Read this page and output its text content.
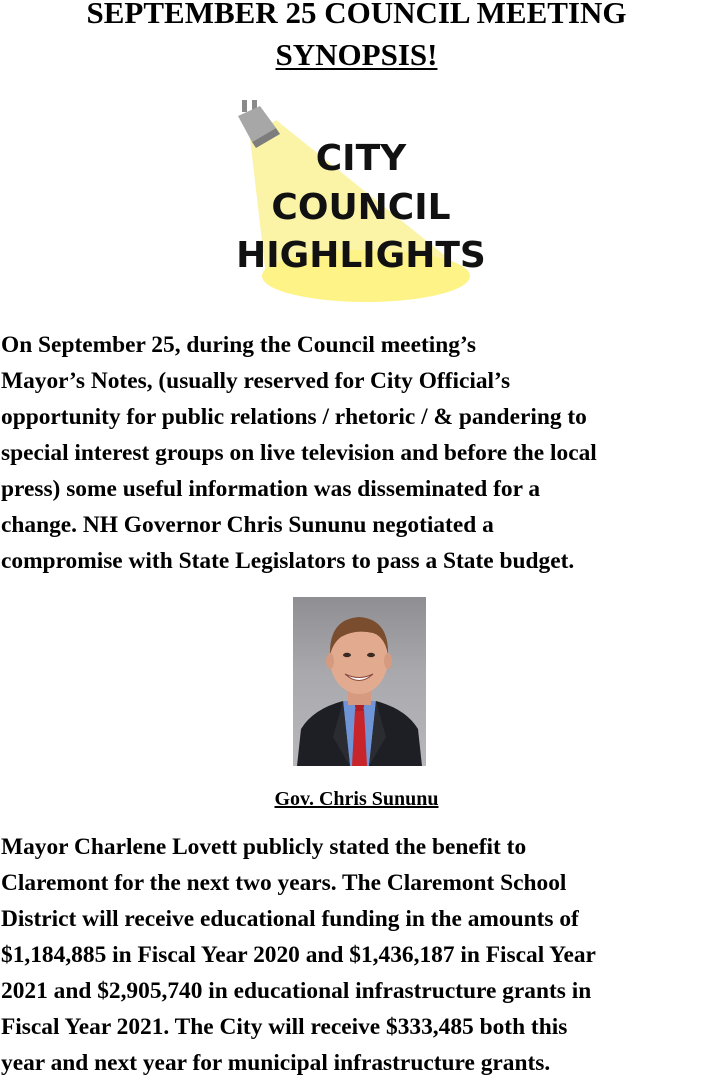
SEPTEMBER 25 COUNCIL MEETING
SYNOPSIS!
CITY
COUNCIL
HIGHLIGHTS

On September 25, during the Council meeting’s
Mayor’s Notes, (usually reserved for City Official’s
opportunity for public relations / rhetoric / & pandering to
special interest groups on live television and before the local
press) some useful information was disseminated for a
change. NH Governor Chris Sununu negotiated a
compromise with State Legislators to pass a State budget.

Gov. Chris Sununu

Mayor Charlene Lovett publicly stated the benefit to
Claremont for the next two years. The Claremont School
District will receive educational funding in the amounts of
$1,184,885 in Fiscal Year 2020 and $1,436,187 in Fiscal Year
2021 and $2,905,740 in educational infrastructure grants in
Fiscal Year 2021. The City will receive $333,485 both this
year and next year for municipal infrastructure grants.
